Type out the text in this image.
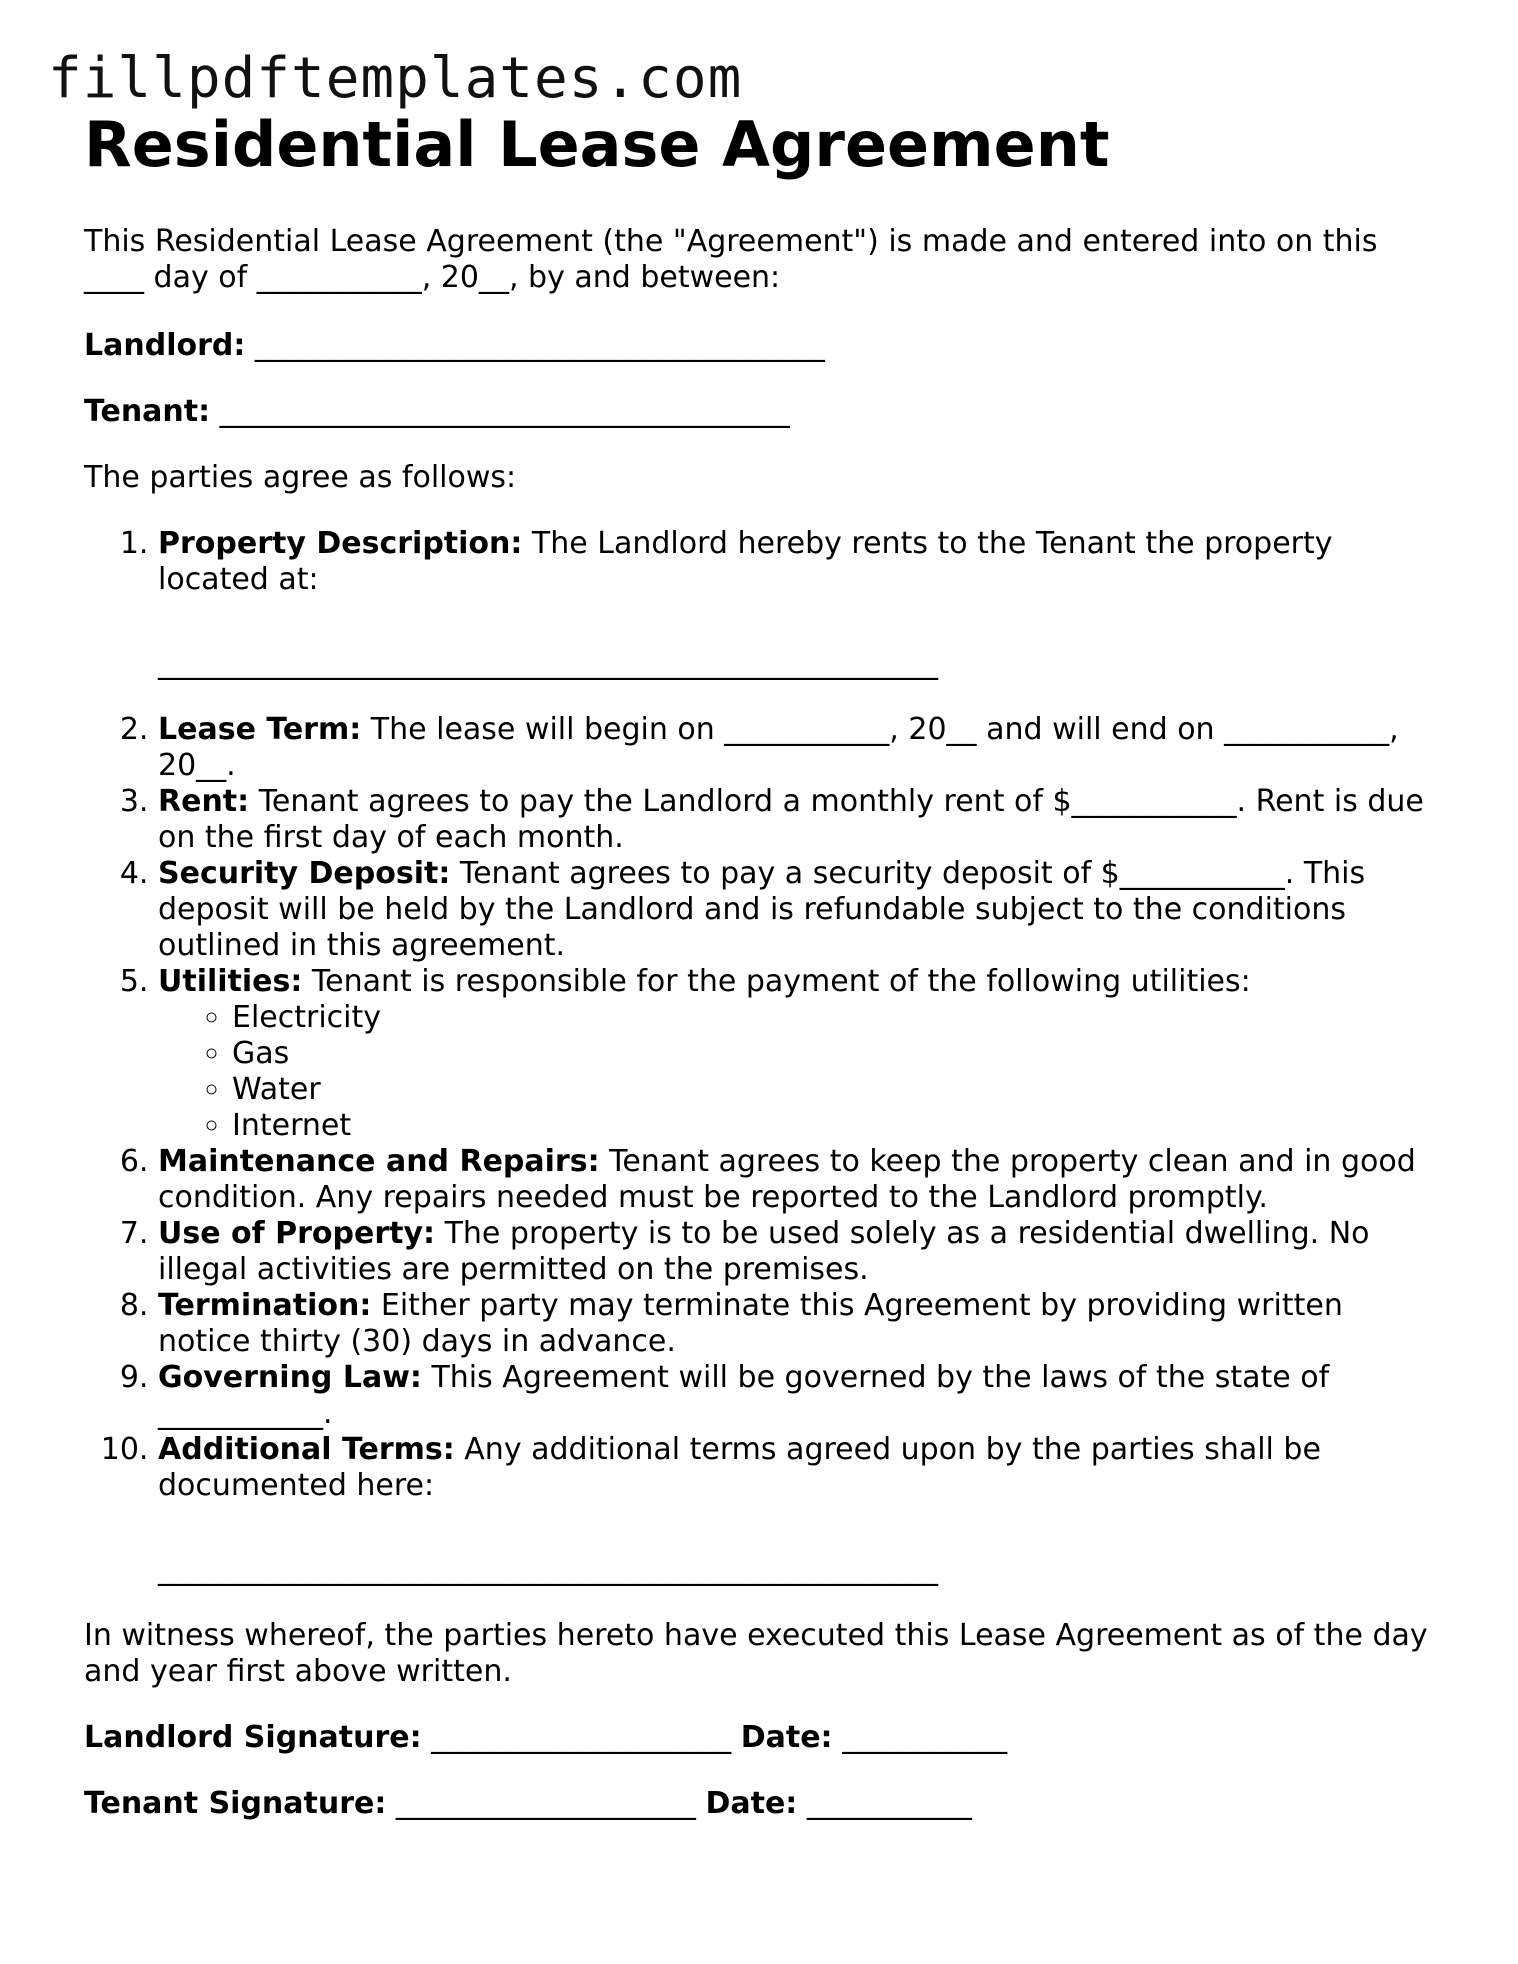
fillpdftemplates.com
Residential Lease Agreement

This Residential Lease Agreement (the "Agreement") is made and entered into on this ____ day of ___________, 20__, by and between:

Landlord: ______________________________________

Tenant: ______________________________________

The parties agree as follows:

1. Property Description: The Landlord hereby rents to the Tenant the property located at:
____________________________________________________
2. Lease Term: The lease will begin on ___________, 20__ and will end on ___________, 20__.
3. Rent: Tenant agrees to pay the Landlord a monthly rent of $___________. Rent is due on the first day of each month.
4. Security Deposit: Tenant agrees to pay a security deposit of $___________. This deposit will be held by the Landlord and is refundable subject to the conditions outlined in this agreement.
5. Utilities: Tenant is responsible for the payment of the following utilities:
◦ Electricity
◦ Gas
◦ Water
◦ Internet
6. Maintenance and Repairs: Tenant agrees to keep the property clean and in good condition. Any repairs needed must be reported to the Landlord promptly.
7. Use of Property: The property is to be used solely as a residential dwelling. No illegal activities are permitted on the premises.
8. Termination: Either party may terminate this Agreement by providing written notice thirty (30) days in advance.
9. Governing Law: This Agreement will be governed by the laws of the state of ___________.
10. Additional Terms: Any additional terms agreed upon by the parties shall be documented here:
____________________________________________________

In witness whereof, the parties hereto have executed this Lease Agreement as of the day and year first above written.

Landlord Signature: ____________________ Date: ___________

Tenant Signature: ____________________ Date: ___________
